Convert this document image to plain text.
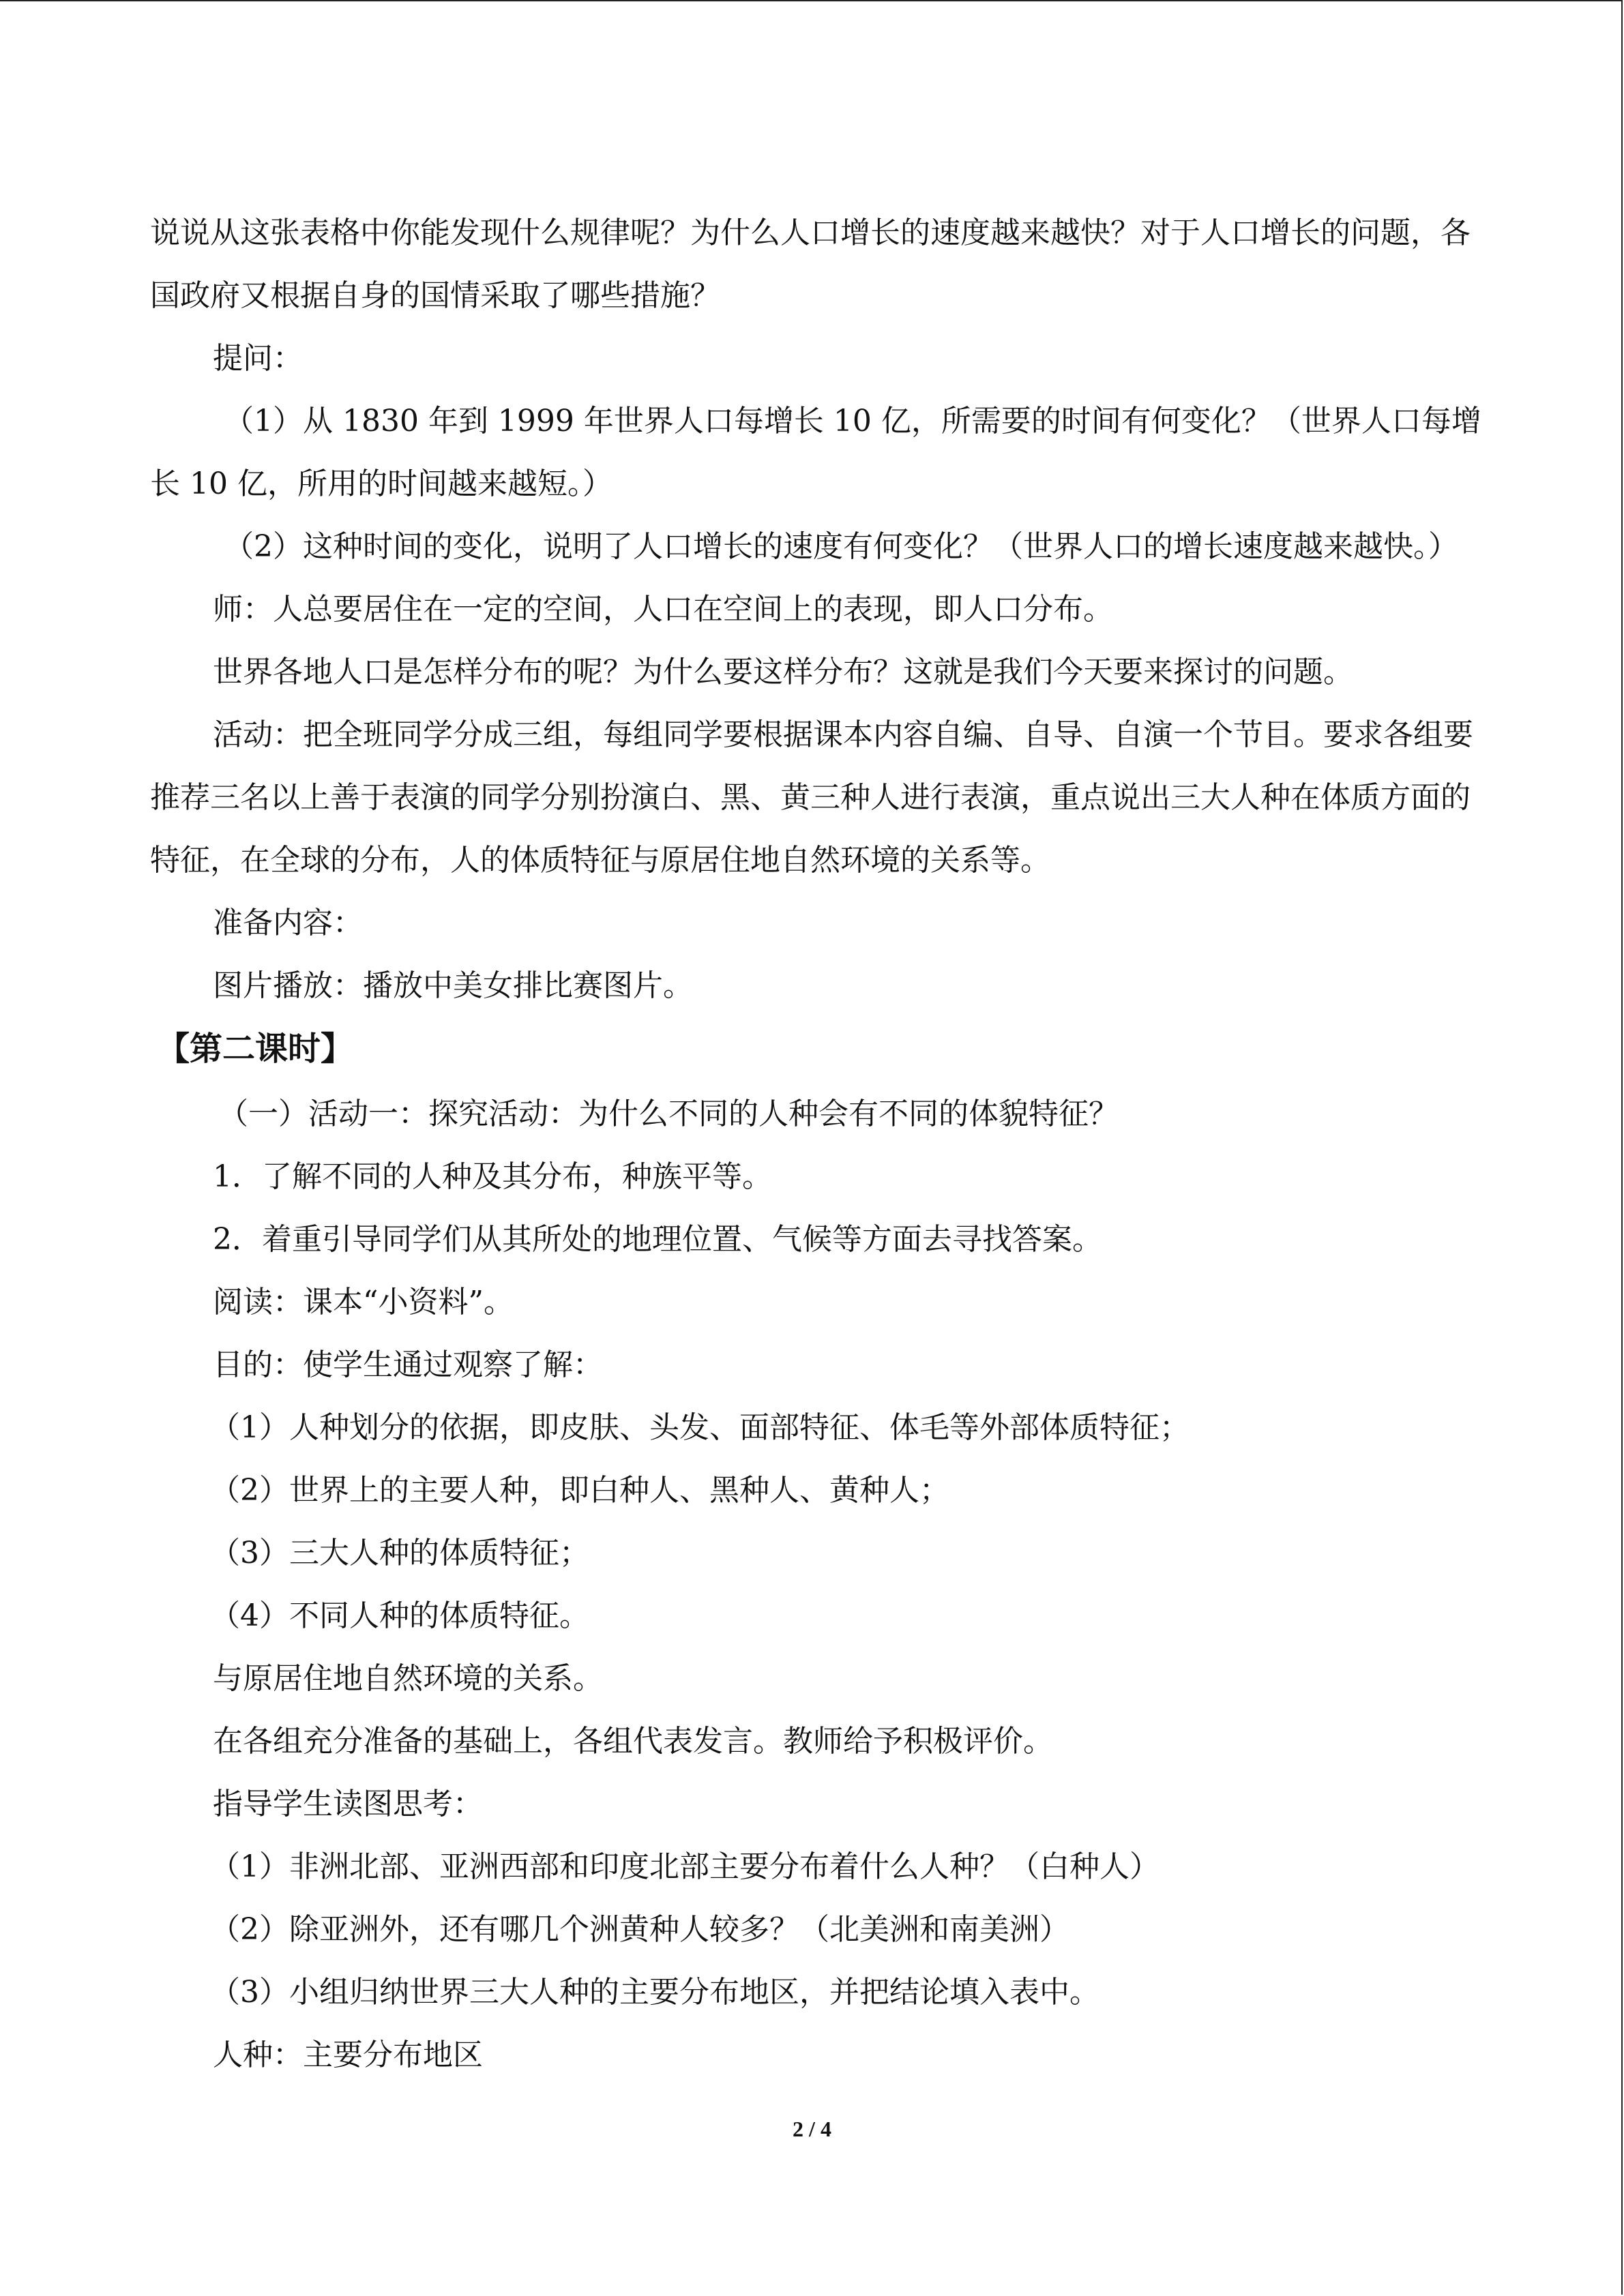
说说从这张表格中你能发现什么规律呢？为什么人口增长的速度越来越快？对于人口增长的问题，各国政府又根据自身的国情采取了哪些措施？

提问：

（1）从 1830 年到 1999 年世界人口每增长 10 亿，所需要的时间有何变化？（世界人口每增长 10 亿，所用的时间越来越短。）

（2）这种时间的变化，说明了人口增长的速度有何变化？（世界人口的增长速度越来越快。）

师：人总要居住在一定的空间，人口在空间上的表现，即人口分布。

世界各地人口是怎样分布的呢？为什么要这样分布？这就是我们今天要来探讨的问题。

活动：把全班同学分成三组，每组同学要根据课本内容自编、自导、自演一个节目。要求各组要推荐三名以上善于表演的同学分别扮演白、黑、黄三种人进行表演，重点说出三大人种在体质方面的特征，在全球的分布，人的体质特征与原居住地自然环境的关系等。

准备内容：

图片播放：播放中美女排比赛图片。

【第二课时】

（一）活动一：探究活动：为什么不同的人种会有不同的体貌特征？

1．了解不同的人种及其分布，种族平等。

2．着重引导同学们从其所处的地理位置、气候等方面去寻找答案。

阅读：课本“小资料”。

目的：使学生通过观察了解：

（1）人种划分的依据，即皮肤、头发、面部特征、体毛等外部体质特征；

（2）世界上的主要人种，即白种人、黑种人、黄种人；

（3）三大人种的体质特征；

（4）不同人种的体质特征。

与原居住地自然环境的关系。

在各组充分准备的基础上，各组代表发言。教师给予积极评价。

指导学生读图思考：

（1）非洲北部、亚洲西部和印度北部主要分布着什么人种？（白种人）

（2）除亚洲外，还有哪几个洲黄种人较多？（北美洲和南美洲）

（3）小组归纳世界三大人种的主要分布地区，并把结论填入表中。

人种：主要分布地区

2 / 4
